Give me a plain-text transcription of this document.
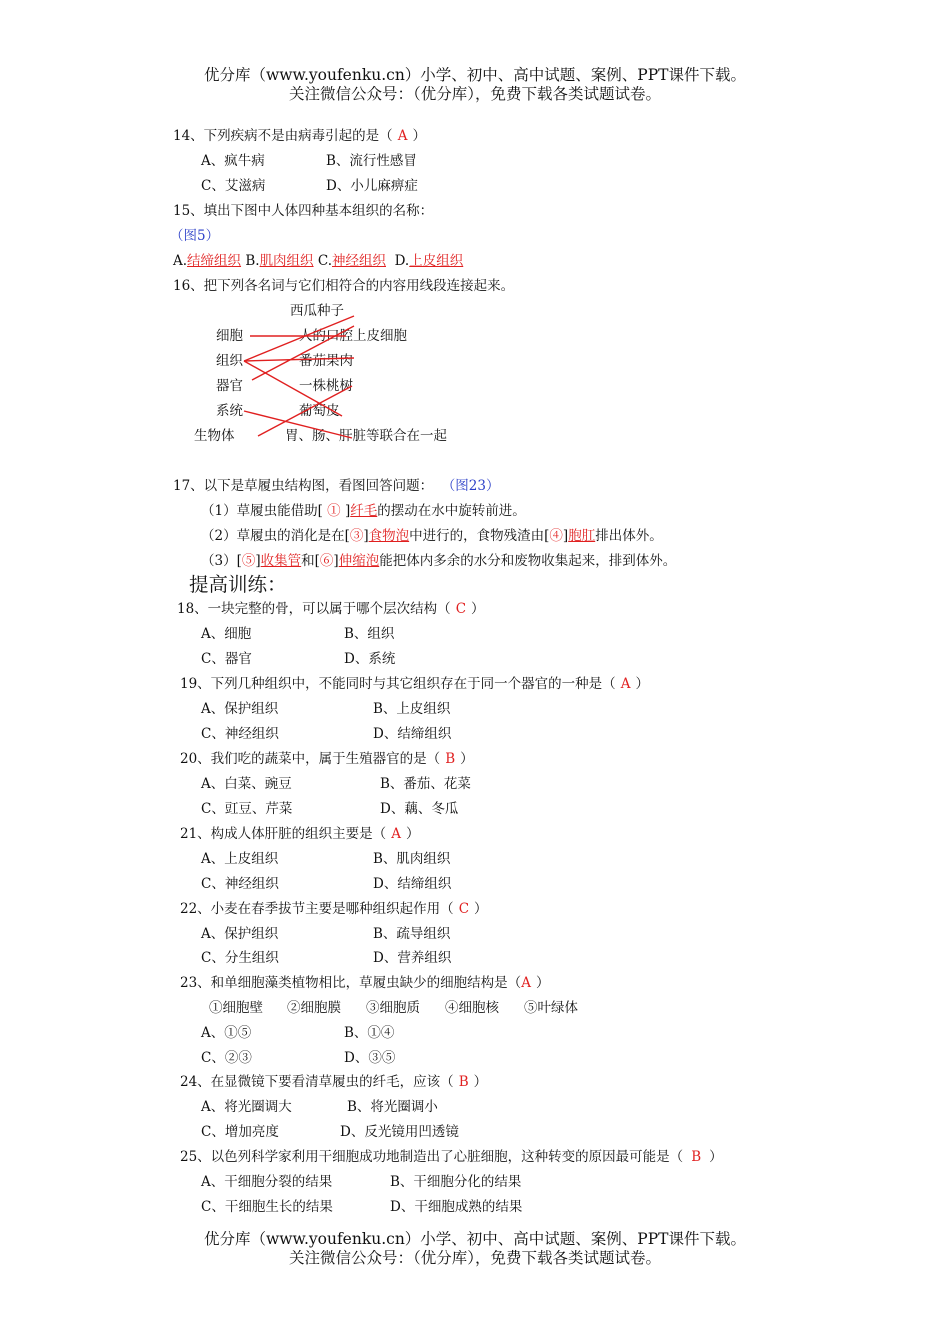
优分库（www.youfenku.cn）小学、初中、高中试题、案例、PPT课件下载。
关注微信公众号：（优分库），免费下载各类试题试卷。
14、下列疾病不是由病毒引起的是（ A ）
A、疯牛病	B、流行性感冒
C、艾滋病	D、小儿麻痹症
15、填出下图中人体四种基本组织的名称：
（图5）
A.结缔组织 B.肌肉组织 C.神经组织 D.上皮组织
16、把下列各名词与它们相符合的内容用线段连接起来。
西瓜种子
细胞	人的口腔上皮细胞
组织	番茄果肉
器官	一株桃树
系统	葡萄皮
生物体	胃、肠、肝脏等联合在一起
17、以下是草履虫结构图，看图回答问题： （图23）
（1）草履虫能借助[ ① ]纤毛的摆动在水中旋转前进。
（2）草履虫的消化是在[③]食物泡中进行的，食物残渣由[④]胞肛排出体外。
（3）[⑤]收集管和[⑥]伸缩泡能把体内多余的水分和废物收集起来，排到体外。
提高训练：
18、一块完整的骨，可以属于哪个层次结构（ C ）
A、细胞	B、组织
C、器官	D、系统
19、下列几种组织中，不能同时与其它组织存在于同一个器官的一种是（ A ）
A、保护组织	B、上皮组织
C、神经组织	D、结缔组织
20、我们吃的蔬菜中，属于生殖器官的是（ B ）
A、白菜、豌豆	B、番茄、花菜
C、豇豆、芹菜	D、藕、冬瓜
21、构成人体肝脏的组织主要是（ A ）
A、上皮组织	B、肌肉组织
C、神经组织	D、结缔组织
22、小麦在春季拔节主要是哪种组织起作用（ C ）
A、保护组织	B、疏导组织
C、分生组织	D、营养组织
23、和单细胞藻类植物相比，草履虫缺少的细胞结构是（A ）
①细胞壁 ②细胞膜 ③细胞质 ④细胞核 ⑤叶绿体
A、①⑤	B、①④
C、②③	D、③⑤
24、在显微镜下要看清草履虫的纤毛，应该（ B ）
A、将光圈调大	B、将光圈调小
C、增加亮度	D、反光镜用凹透镜
25、以色列科学家利用干细胞成功地制造出了心脏细胞，这种转变的原因最可能是（ B ）
A、干细胞分裂的结果	B、干细胞分化的结果
C、干细胞生长的结果	D、干细胞成熟的结果
优分库（www.youfenku.cn）小学、初中、高中试题、案例、PPT课件下载。
关注微信公众号：（优分库），免费下载各类试题试卷。
